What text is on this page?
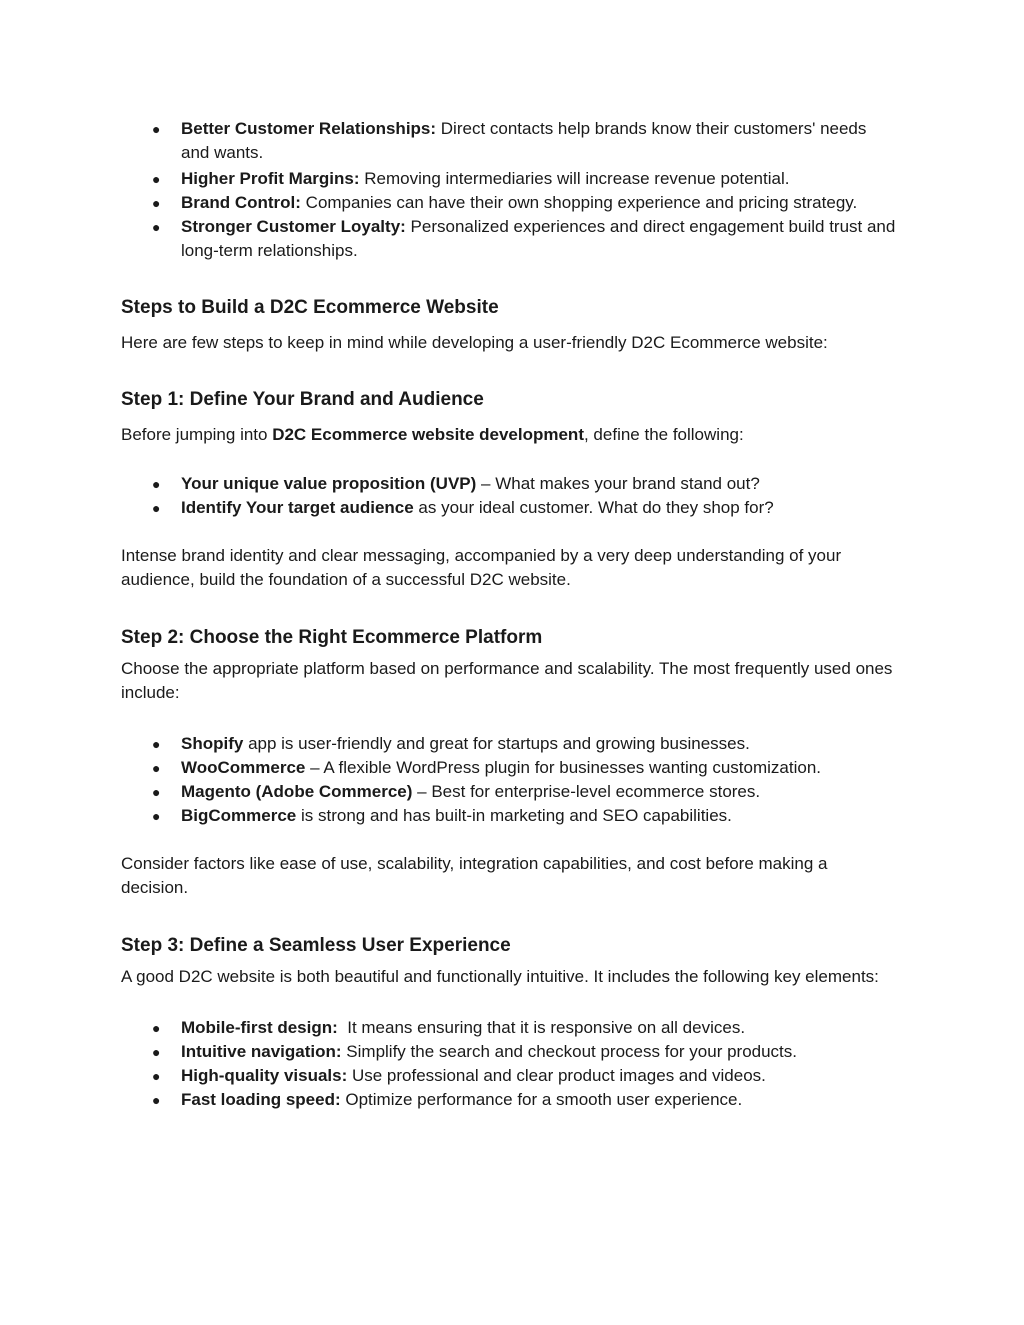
● Better Customer Relationships: Direct contacts help brands know their customers' needs and wants.
● Higher Profit Margins: Removing intermediaries will increase revenue potential.
● Brand Control: Companies can have their own shopping experience and pricing strategy.
● Stronger Customer Loyalty: Personalized experiences and direct engagement build trust and long-term relationships.
Steps to Build a D2C Ecommerce Website

Here are few steps to keep in mind while developing a user-friendly D2C Ecommerce website:

Step 1: Define Your Brand and Audience

Before jumping into D2C Ecommerce website development, define the following:

● Your unique value proposition (UVP) – What makes your brand stand out?
● Identify Your target audience as your ideal customer. What do they shop for?

Intense brand identity and clear messaging, accompanied by a very deep understanding of your audience, build the foundation of a successful D2C website.

Step 2: Choose the Right Ecommerce Platform

Choose the appropriate platform based on performance and scalability. The most frequently used ones include:

● Shopify app is user-friendly and great for startups and growing businesses.
● WooCommerce – A flexible WordPress plugin for businesses wanting customization.
● Magento (Adobe Commerce) – Best for enterprise-level ecommerce stores.
● BigCommerce is strong and has built-in marketing and SEO capabilities.

Consider factors like ease of use, scalability, integration capabilities, and cost before making a decision.

Step 3: Define a Seamless User Experience

A good D2C website is both beautiful and functionally intuitive. It includes the following key elements:

● Mobile-first design:  It means ensuring that it is responsive on all devices.
● Intuitive navigation: Simplify the search and checkout process for your products.
● High-quality visuals: Use professional and clear product images and videos.
● Fast loading speed: Optimize performance for a smooth user experience.
